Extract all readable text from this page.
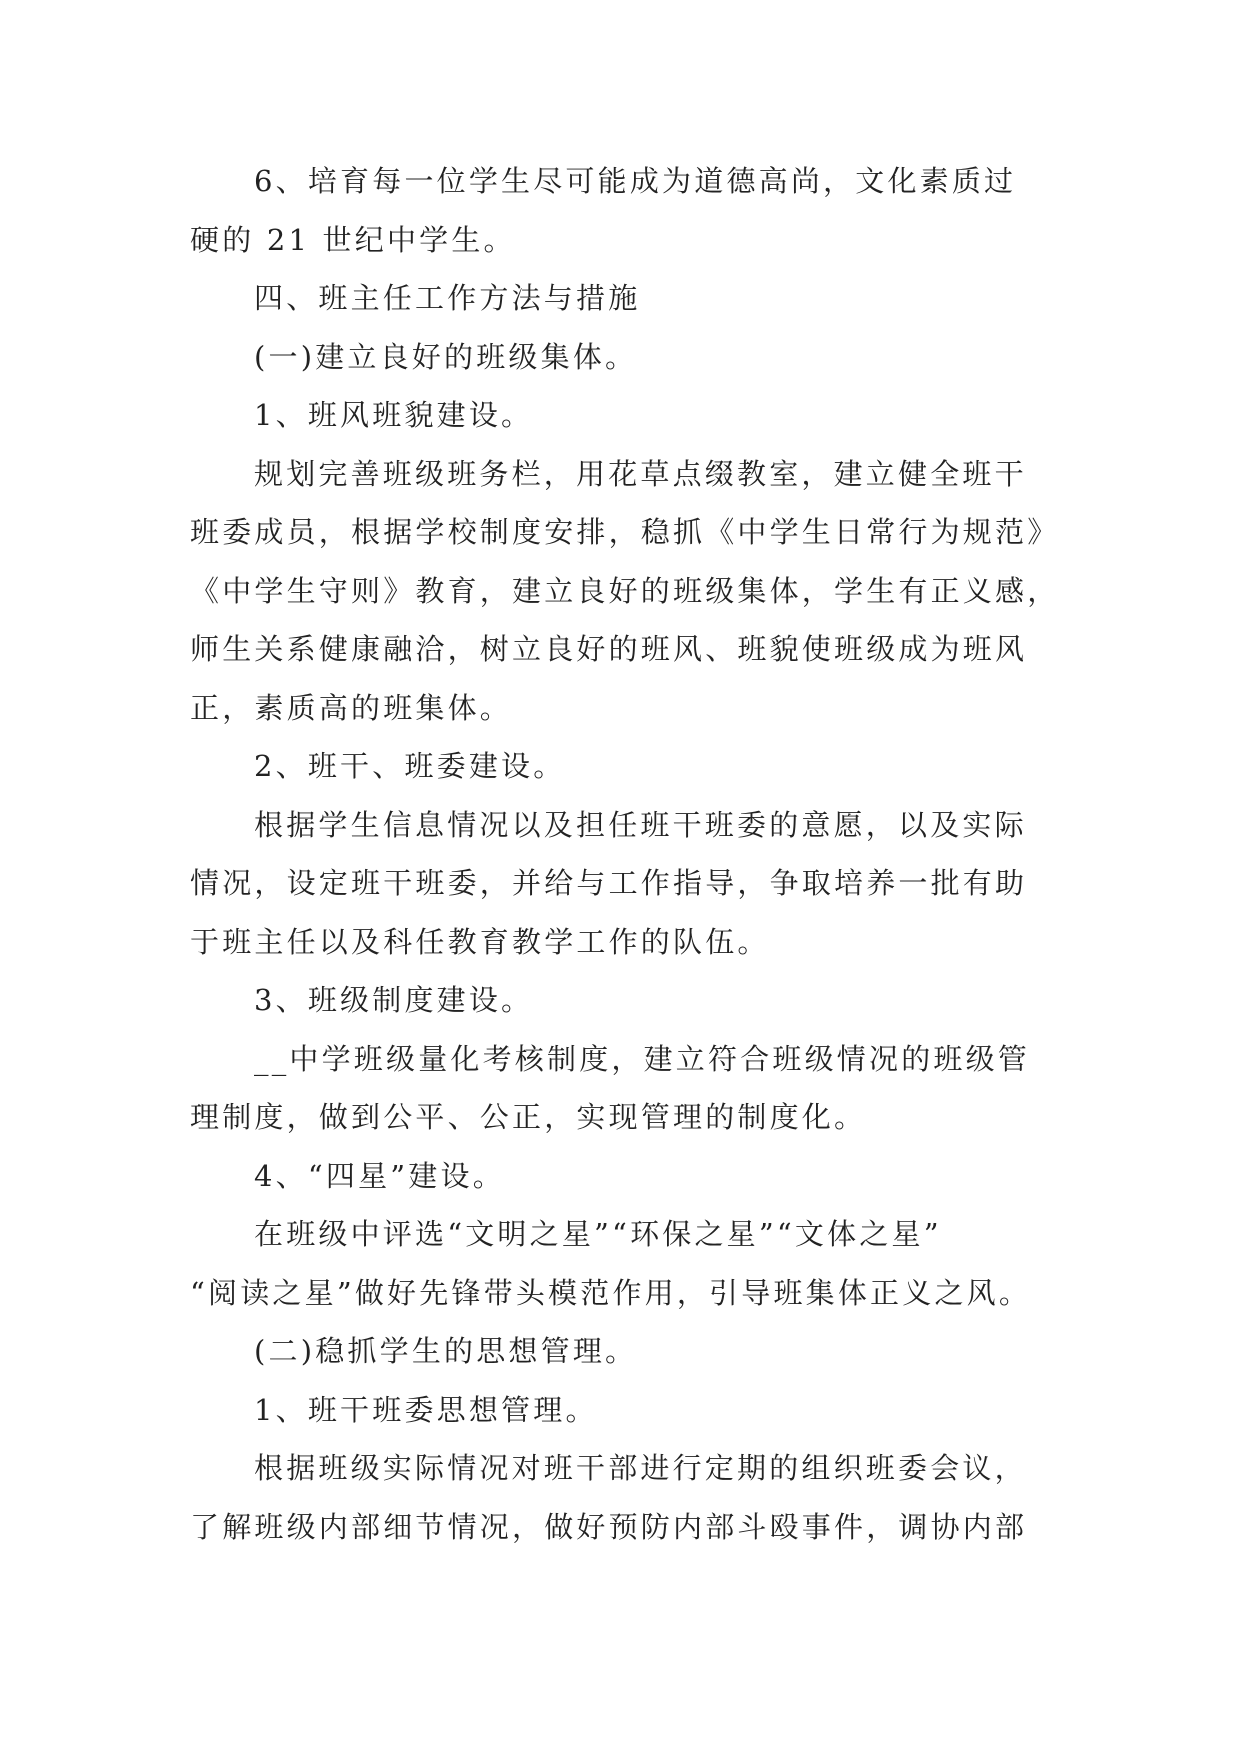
6、培育每一位学生尽可能成为道德高尚，文化素质过
硬的 21 世纪中学生。
四、班主任工作方法与措施
(一)建立良好的班级集体。
1、班风班貌建设。
规划完善班级班务栏，用花草点缀教室，建立健全班干
班委成员，根据学校制度安排，稳抓《中学生日常行为规范》
《中学生守则》教育，建立良好的班级集体，学生有正义感，
师生关系健康融洽，树立良好的班风、班貌使班级成为班风
正，素质高的班集体。
2、班干、班委建设。
根据学生信息情况以及担任班干班委的意愿，以及实际
情况，设定班干班委，并给与工作指导，争取培养一批有助
于班主任以及科任教育教学工作的队伍。
3、班级制度建设。
__中学班级量化考核制度，建立符合班级情况的班级管
理制度，做到公平、公正，实现管理的制度化。
4、“四星”建设。
在班级中评选“文明之星”“环保之星”“文体之星”
“阅读之星”做好先锋带头模范作用，引导班集体正义之风。
(二)稳抓学生的思想管理。
1、班干班委思想管理。
根据班级实际情况对班干部进行定期的组织班委会议，
了解班级内部细节情况，做好预防内部斗殴事件，调协内部
